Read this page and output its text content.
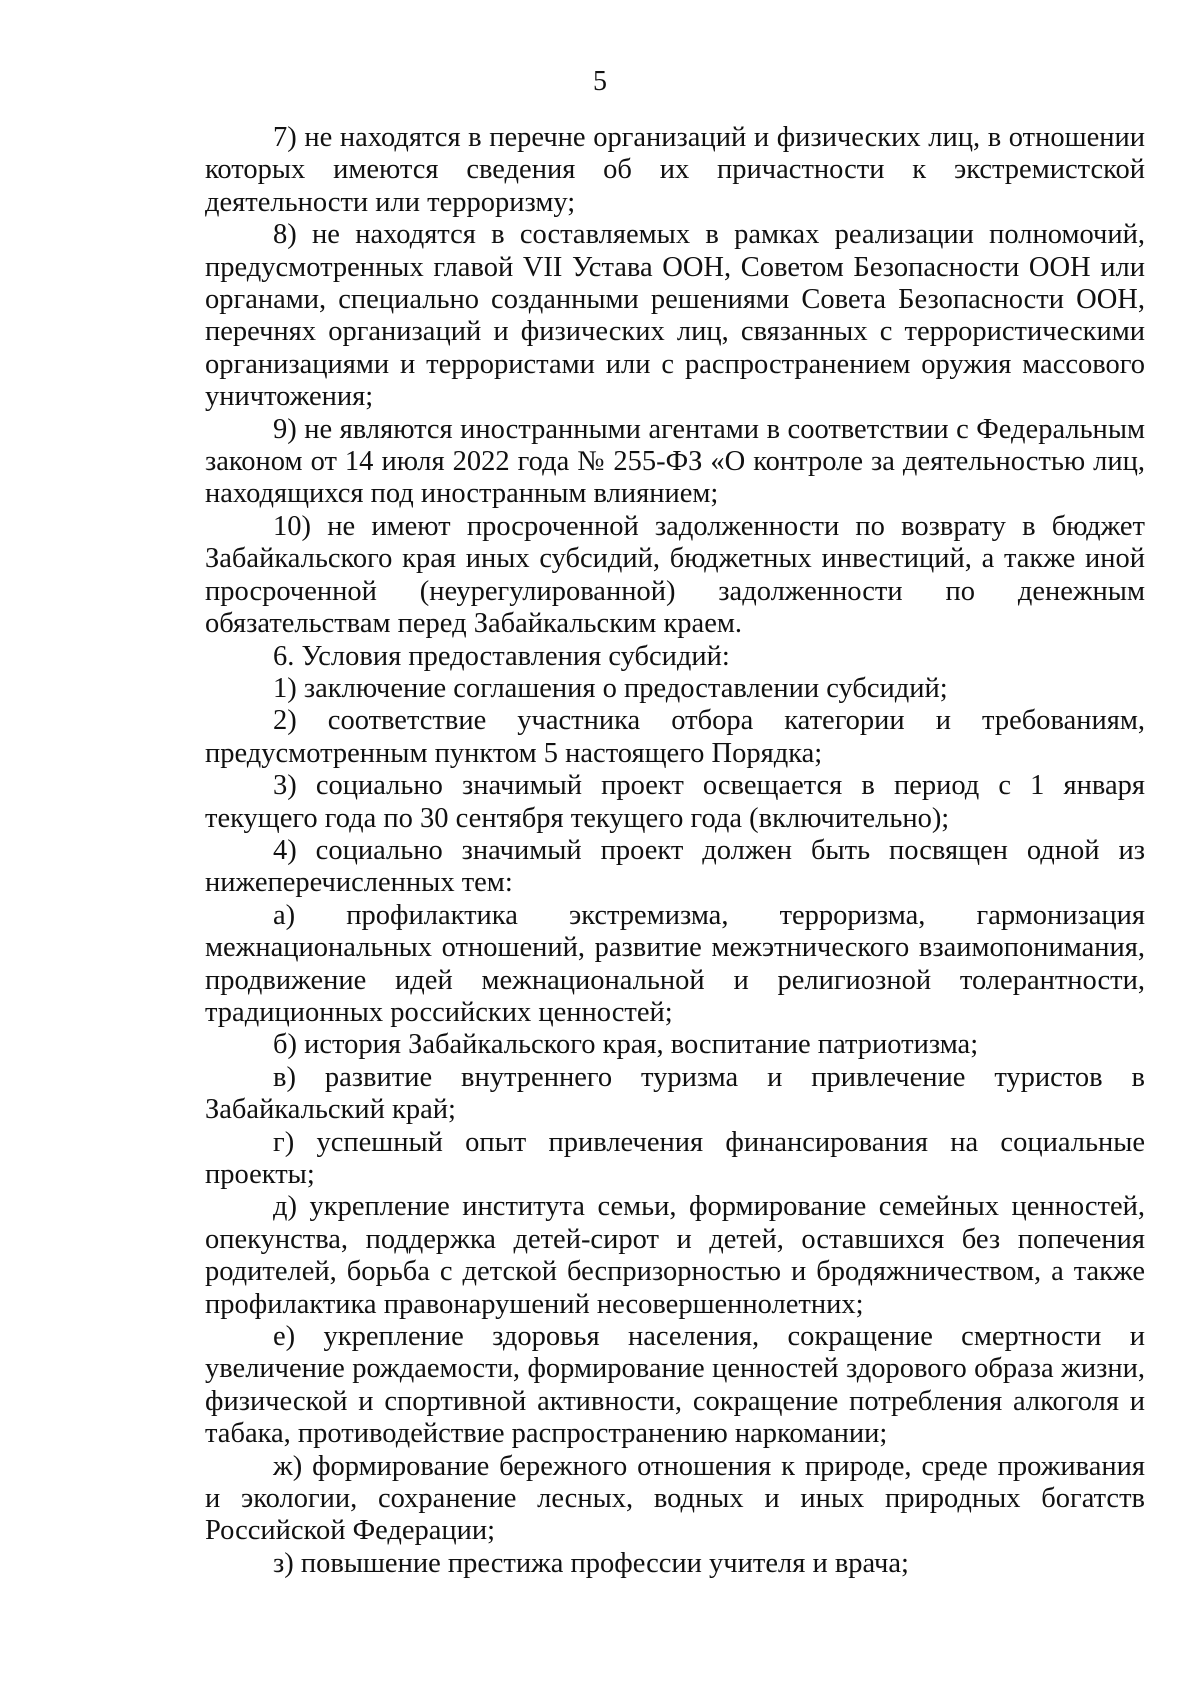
5

7) не находятся в перечне организаций и физических лиц, в отношении которых имеются сведения об их причастности к экстремистской деятельности или терроризму;

8) не находятся в составляемых в рамках реализации полномочий, предусмотренных главой VII Устава ООН, Советом Безопасности ООН или органами, специально созданными решениями Совета Безопасности ООН, перечнях организаций и физических лиц, связанных с террористическими организациями и террористами или с распространением оружия массового уничтожения;

9) не являются иностранными агентами в соответствии с Федеральным законом от 14 июля 2022 года № 255-ФЗ «О контроле за деятельностью лиц, находящихся под иностранным влиянием;

10) не имеют просроченной задолженности по возврату в бюджет Забайкальского края иных субсидий, бюджетных инвестиций, а также иной просроченной (неурегулированной) задолженности по денежным обязательствам перед Забайкальским краем.

6. Условия предоставления субсидий:

1) заключение соглашения о предоставлении субсидий;

2) соответствие участника отбора категории и требованиям, предусмотренным пунктом 5 настоящего Порядка;

3) социально значимый проект освещается в период с 1 января текущего года по 30 сентября текущего года (включительно);

4) социально значимый проект должен быть посвящен одной из нижеперечисленных тем:

а) профилактика экстремизма, терроризма, гармонизация межнациональных отношений, развитие межэтнического взаимопонимания, продвижение идей межнациональной и религиозной толерантности, традиционных российских ценностей;

б) история Забайкальского края, воспитание патриотизма;

в) развитие внутреннего туризма и привлечение туристов в Забайкальский край;

г) успешный опыт привлечения финансирования на социальные проекты;

д) укрепление института семьи, формирование семейных ценностей, опекунства, поддержка детей-сирот и детей, оставшихся без попечения родителей, борьба с детской беспризорностью и бродяжничеством, а также профилактика правонарушений несовершеннолетних;

е) укрепление здоровья населения, сокращение смертности и увеличение рождаемости, формирование ценностей здорового образа жизни, физической и спортивной активности, сокращение потребления алкоголя и табака, противодействие распространению наркомании;

ж) формирование бережного отношения к природе, среде проживания и экологии, сохранение лесных, водных и иных природных богатств Российской Федерации;

з) повышение престижа профессии учителя и врача;
